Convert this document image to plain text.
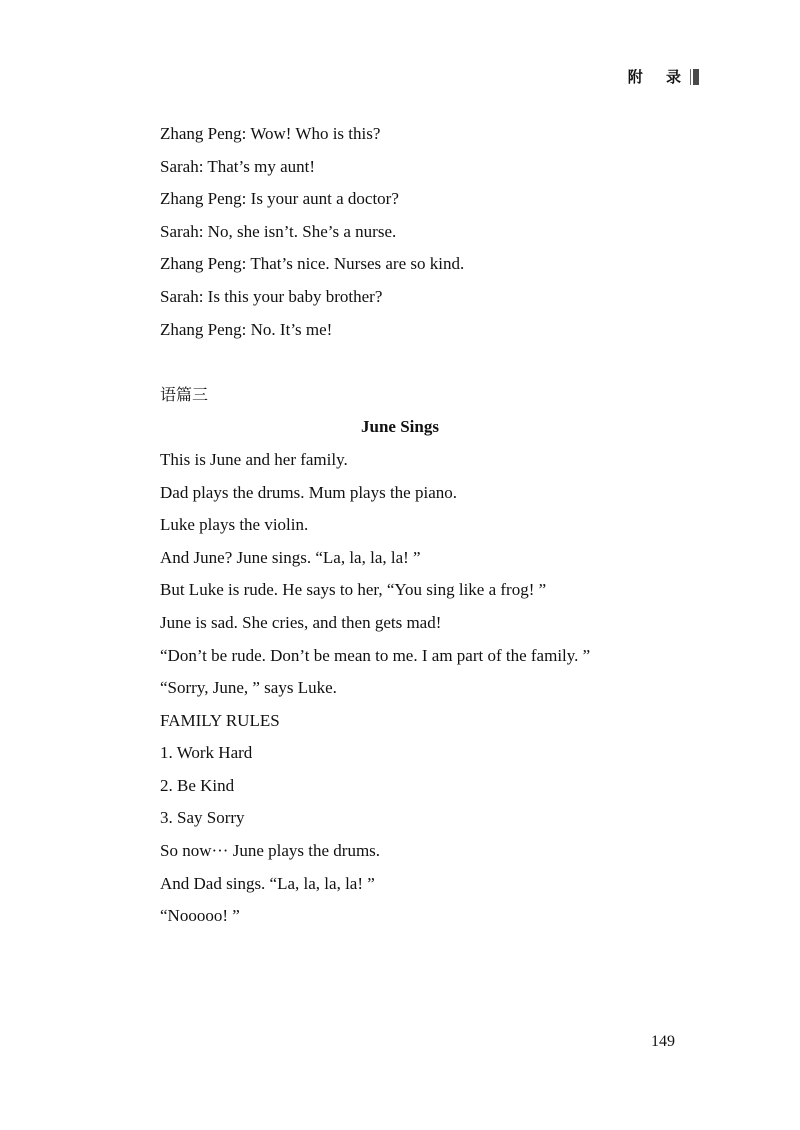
附 录
Zhang Peng: Wow! Who is this?
Sarah: That’s my aunt!
Zhang Peng: Is your aunt a doctor?
Sarah: No, she isn’t. She’s a nurse.
Zhang Peng: That’s nice. Nurses are so kind.
Sarah: Is this your baby brother?
Zhang Peng: No. It’s me!
语篇三
June Sings
This is June and her family.
Dad plays the drums. Mum plays the piano.
Luke plays the violin.
And June? June sings. “La, la, la, la! ”
But Luke is rude. He says to her, “You sing like a frog! ”
June is sad. She cries, and then gets mad!
“Don’t be rude. Don’t be mean to me. I am part of the family. ”
“Sorry, June, ” says Luke.
FAMILY RULES
1. Work Hard
2. Be Kind
3. Say Sorry
So now··· June plays the drums.
And Dad sings. “La, la, la, la! ”
“Nooooo! ”
149
